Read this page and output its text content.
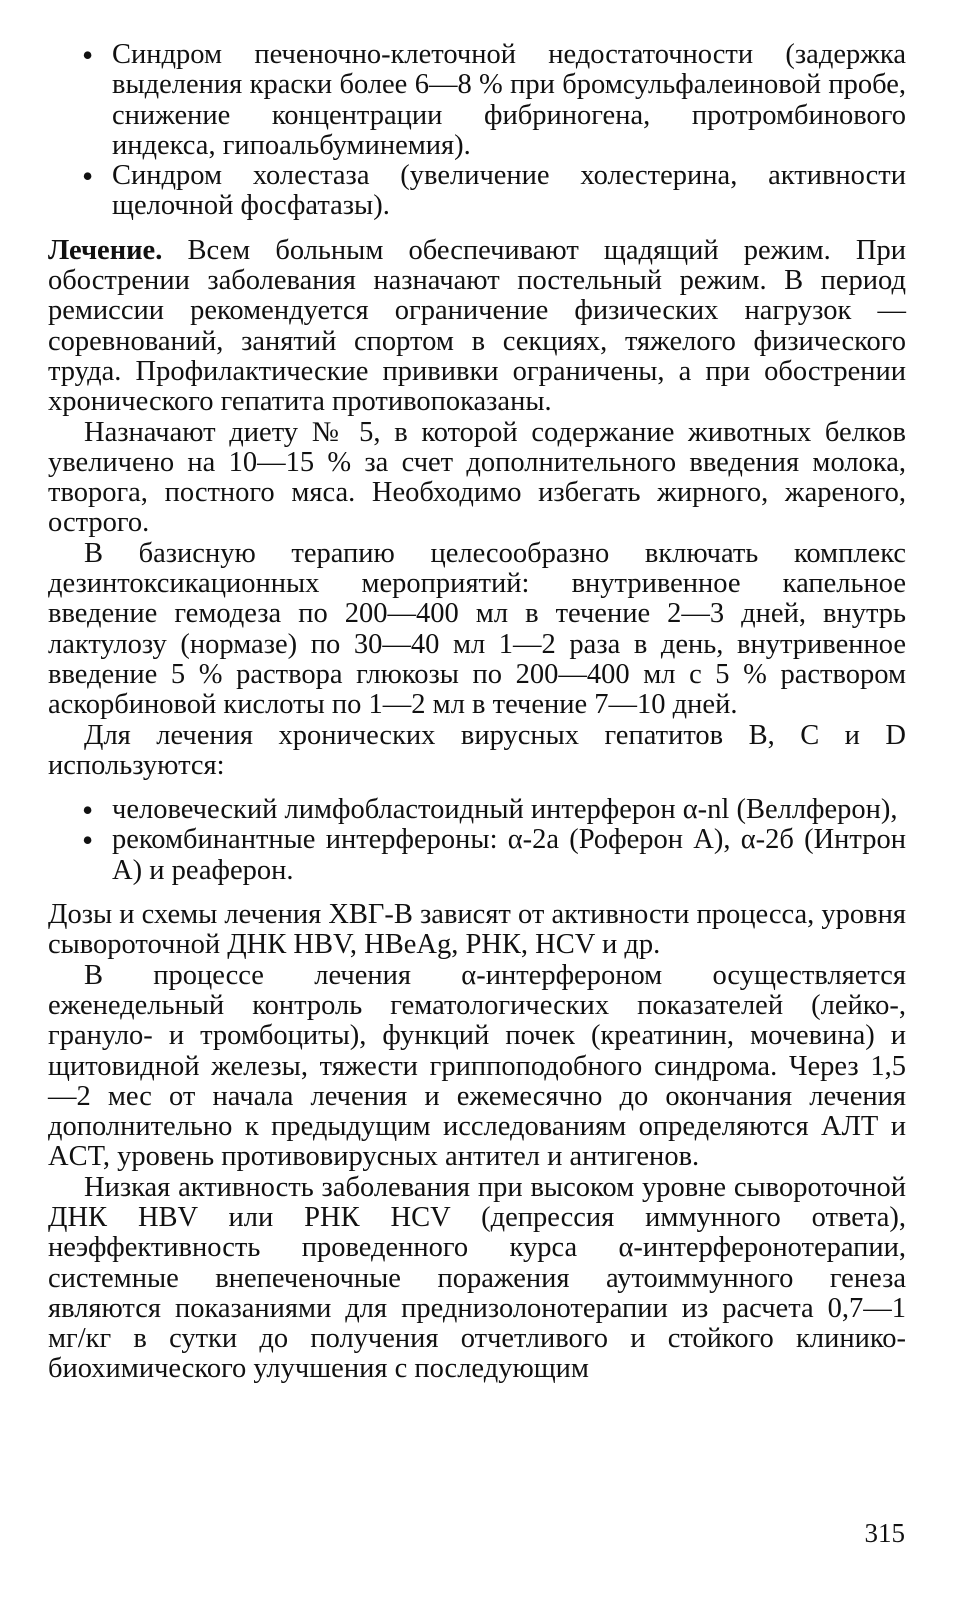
• Синдром печеночно-клеточной недостаточности (задержка выделения краски более 6—8 % при бромсульфалеиновой пробе, снижение концентрации фибриногена, протромбинового индекса, гипоальбуминемия).
• Синдром холестаза (увеличение холестерина, активности щелочной фосфатазы).

Лечение. Всем больным обеспечивают щадящий режим. При обострении заболевания назначают постельный режим. В период ремиссии рекомендуется ограничение физических нагрузок — соревнований, занятий спортом в секциях, тяжелого физического труда. Профилактические прививки ограничены, а при обострении хронического гепатита противопоказаны.

Назначают диету № 5, в которой содержание животных белков увеличено на 10—15 % за счет дополнительного введения молока, творога, постного мяса. Необходимо избегать жирного, жареного, острого.

В базисную терапию целесообразно включать комплекс дезинтоксикационных мероприятий: внутривенное капельное введение гемодеза по 200—400 мл в течение 2—3 дней, внутрь лактулозу (нормазе) по 30—40 мл 1—2 раза в день, внутривенное введение 5 % раствора глюкозы по 200—400 мл с 5 % раствором аскорбиновой кислоты по 1—2 мл в течение 7—10 дней.

Для лечения хронических вирусных гепатитов В, С и D используются:

• человеческий лимфобластоидный интерферон α-nl (Веллферон),
• рекомбинантные интерфероны: α-2а (Роферон А), α-2б (Интрон А) и реаферон.

Дозы и схемы лечения ХВГ-В зависят от активности процесса, уровня сывороточной ДНК HBV, HBeAg, РНК, HCV и др.

В процессе лечения α-интерфероном осуществляется еженедельный контроль гематологических показателей (лейко-, грануло- и тромбоциты), функций почек (креатинин, мочевина) и щитовидной железы, тяжести гриппоподобного синдрома. Через 1,5—2 мес от начала лечения и ежемесячно до окончания лечения дополнительно к предыдущим исследованиям определяются АЛТ и ACT, уровень противовирусных антител и антигенов.

Низкая активность заболевания при высоком уровне сывороточной ДНК HBV или РНК HCV (депрессия иммунного ответа), неэффективность проведенного курса α-интерферонотерапии, системные внепеченочные поражения аутоиммунного генеза являются показаниями для преднизолонотерапии из расчета 0,7—1 мг/кг в сутки до получения отчетливого и стойкого клинико-биохимического улучшения с последующим

315
